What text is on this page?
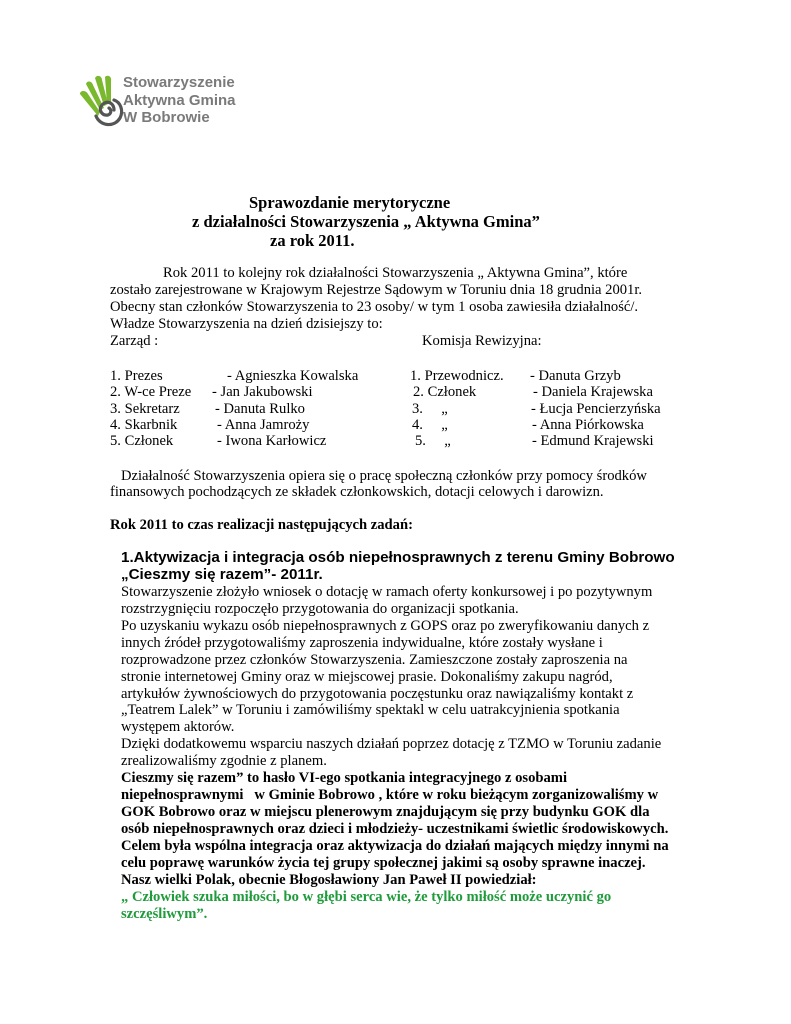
Stowarzyszenie
Aktywna Gmina
W Bobrowie
Sprawozdanie merytoryczne
z działalności Stowarzyszenia „ Aktywna Gmina”
za rok 2011.
Rok 2011 to kolejny rok działalności Stowarzyszenia „ Aktywna Gmina”, które
zostało zarejestrowane w Krajowym Rejestrze Sądowym w Toruniu dnia 18 grudnia 2001r.
Obecny stan członków Stowarzyszenia to 23 osoby/ w tym 1 osoba zawiesiła działalność/.
Władze Stowarzyszenia na dzień dzisiejszy to:
Zarząd :	Komisja Rewizyjna:
1. Prezes
2. W-ce Preze
3. Sekretarz
4. Skarbnik
5. Członek
- Agnieszka Kowalska
- Jan Jakubowski
- Danuta Rulko
- Anna Jamroży
- Iwona Karłowicz
1. Przewodnicz.
2. Członek
3.     „
4.     „
5.     „
- Danuta Grzyb
- Daniela Krajewska
- Łucja Pencierzyńska
- Anna Piórkowska
- Edmund Krajewski
Działalność Stowarzyszenia opiera się o pracę społeczną członków przy pomocy środków
finansowych pochodzących ze składek członkowskich, dotacji celowych i darowizn.
Rok 2011 to czas realizacji następujących zadań:
1.Aktywizacja i integracja osób niepełnosprawnych z terenu Gminy Bobrowo
„Cieszmy się razem”- 2011r.
Stowarzyszenie złożyło wniosek o dotację w ramach oferty konkursowej i po pozytywnym
rozstrzygnięciu rozpoczęło przygotowania do organizacji spotkania.
Po uzyskaniu wykazu osób niepełnosprawnych z GOPS oraz po zweryfikowaniu danych z
innych źródeł przygotowaliśmy zaproszenia indywidualne, które zostały wysłane i
rozprowadzone przez członków Stowarzyszenia. Zamieszczone zostały zaproszenia na
stronie internetowej Gminy oraz w miejscowej prasie. Dokonaliśmy zakupu nagród,
artykułów żywnościowych do przygotowania poczęstunku oraz nawiązaliśmy kontakt z
„Teatrem Lalek” w Toruniu i zamówiliśmy spektakl w celu uatrakcyjnienia spotkania
występem aktorów.
Dzięki dodatkowemu wsparciu naszych działań poprzez dotację z TZMO w Toruniu zadanie
zrealizowaliśmy zgodnie z planem.
Cieszmy się razem” to hasło VI-ego spotkania integracyjnego z osobami
niepełnosprawnymi   w Gminie Bobrowo , które w roku bieżącym zorganizowaliśmy w
GOK Bobrowo oraz w miejscu plenerowym znajdującym się przy budynku GOK dla
osób niepełnosprawnych oraz dzieci i młodzieży- uczestnikami świetlic środowiskowych.
Celem była wspólna integracja oraz aktywizacja do działań mających między innymi na
celu poprawę warunków życia tej grupy społecznej jakimi są osoby sprawne inaczej.
Nasz wielki Polak, obecnie Błogosławiony Jan Paweł II powiedział:
„ Człowiek szuka miłości, bo w głębi serca wie, że tylko miłość może uczynić go
szczęśliwym”.
